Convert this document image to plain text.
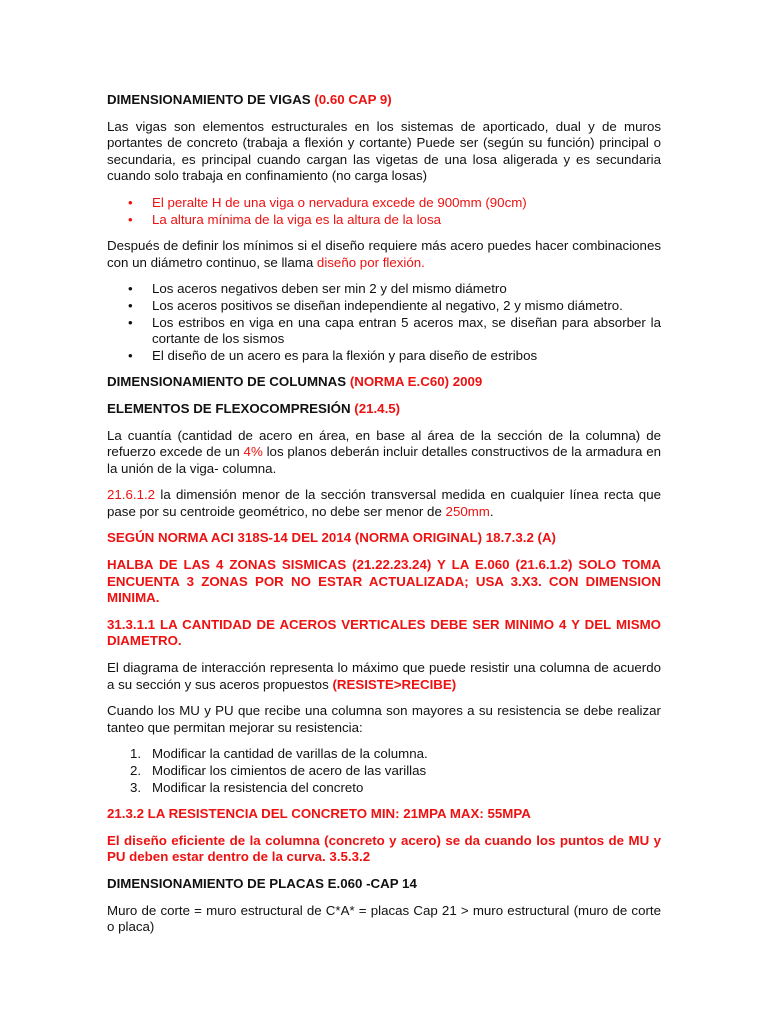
DIMENSIONAMIENTO DE VIGAS (0.60 CAP 9)

Las vigas son elementos estructurales en los sistemas de aporticado, dual y de muros portantes de concreto (trabaja a flexión y cortante) Puede ser (según su función) principal o secundaria, es principal cuando cargan las vigetas de una losa aligerada y es secundaria cuando solo trabaja en confinamiento (no carga losas)

• El peralte H de una viga o nervadura excede de 900mm (90cm)
• La altura mínima de la viga es la altura de la losa

Después de definir los mínimos si el diseño requiere más acero puedes hacer combinaciones con un diámetro continuo, se llama diseño por flexión.

• Los aceros negativos deben ser min 2 y del mismo diámetro
• Los aceros positivos se diseñan independiente al negativo, 2 y mismo diámetro.
• Los estribos en viga en una capa entran 5 aceros max, se diseñan para absorber la cortante de los sismos
• El diseño de un acero es para la flexión y para diseño de estribos
DIMENSIONAMIENTO DE COLUMNAS (NORMA E.C60) 2009
ELEMENTOS DE FLEXOCOMPRESIÓN (21.4.5)

La cuantía (cantidad de acero en área, en base al área de la sección de la columna) de refuerzo excede de un 4% los planos deberán incluir detalles constructivos de la armadura en la unión de la viga- columna.

21.6.1.2 la dimensión menor de la sección transversal medida en cualquier línea recta que pase por su centroide geométrico, no debe ser menor de 250mm.

SEGÚN NORMA ACI 318S-14 DEL 2014 (NORMA ORIGINAL) 18.7.3.2 (A)

HALBA DE LAS 4 ZONAS SISMICAS (21.22.23.24) Y LA E.060 (21.6.1.2) SOLO TOMA ENCUENTA 3 ZONAS POR NO ESTAR ACTUALIZADA; USA 3.X3. CON DIMENSION MINIMA.

31.3.1.1 LA CANTIDAD DE ACEROS VERTICALES DEBE SER MINIMO 4 Y DEL MISMO DIAMETRO.

El diagrama de interacción representa lo máximo que puede resistir una columna de acuerdo a su sección y sus aceros propuestos (RESISTE>RECIBE)

Cuando los MU y PU que recibe una columna son mayores a su resistencia se debe realizar tanteo que permitan mejorar su resistencia:

1. Modificar la cantidad de varillas de la columna.
2. Modificar los cimientos de acero de las varillas
3. Modificar la resistencia del concreto

21.3.2 LA RESISTENCIA DEL CONCRETO MIN: 21MPA MAX: 55MPA

El diseño eficiente de la columna (concreto y acero) se da cuando los puntos de MU y PU deben estar dentro de la curva. 3.5.3.2

DIMENSIONAMIENTO DE PLACAS E.060 -CAP 14

Muro de corte = muro estructural de C*A* = placas Cap 21 > muro estructural (muro de corte o placa)
